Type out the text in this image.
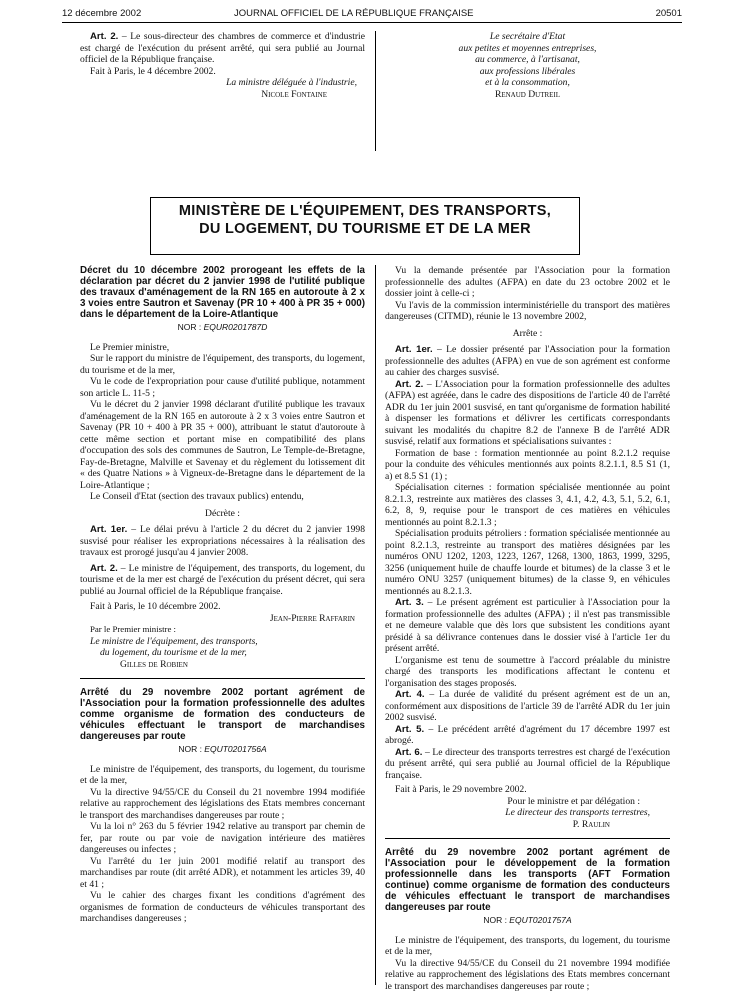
12 décembre 2002	JOURNAL OFFICIEL DE LA RÉPUBLIQUE FRANÇAISE	20501

Art. 2. – Le sous-directeur des chambres de commerce et d'industrie est chargé de l'exécution du présent arrêté, qui sera publié au Journal officiel de la République française.

Fait à Paris, le 4 décembre 2002.

La ministre déléguée à l'industrie,

Nicole Fontaine

Le secrétaire d'Etat

aux petites et moyennes entreprises,

au commerce, à l'artisanat,

aux professions libérales

et à la consommation,

Renaud Dutreil

MINISTÈRE DE L'ÉQUIPEMENT, DES TRANSPORTS,
DU LOGEMENT, DU TOURISME ET DE LA MER

Décret du 10 décembre 2002 prorogeant les effets de la déclaration par décret du 2 janvier 1998 de l'utilité publique des travaux d'aménagement de la RN 165 en autoroute à 2 x 3 voies entre Sautron et Savenay (PR 10 + 400 à PR 35 + 000) dans le département de la Loire-Atlantique

NOR : EQUR0201787D

Le Premier ministre,

Sur le rapport du ministre de l'équipement, des transports, du logement, du tourisme et de la mer,

Vu le code de l'expropriation pour cause d'utilité publique, notamment son article L. 11-5 ;

Vu le décret du 2 janvier 1998 déclarant d'utilité publique les travaux d'aménagement de la RN 165 en autoroute à 2 x 3 voies entre Sautron et Savenay (PR 10 + 400 à PR 35 + 000), attribuant le statut d'autoroute à cette même section et portant mise en compatibilité des plans d'occupation des sols des communes de Sautron, Le Temple-de-Bretagne, Fay-de-Bretagne, Malville et Savenay et du règlement du lotissement dit « des Quatre Nations » à Vigneux-de-Bretagne dans le département de la Loire-Atlantique ;

Le Conseil d'Etat (section des travaux publics) entendu,

Décrète :

Art. 1er. – Le délai prévu à l'article 2 du décret du 2 janvier 1998 susvisé pour réaliser les expropriations nécessaires à la réalisation des travaux est prorogé jusqu'au 4 janvier 2008.

Art. 2. – Le ministre de l'équipement, des transports, du logement, du tourisme et de la mer est chargé de l'exécution du présent décret, qui sera publié au Journal officiel de la République française.

Fait à Paris, le 10 décembre 2002.

Jean-Pierre Raffarin

Par le Premier ministre :

Le ministre de l'équipement, des transports,

du logement, du tourisme et de la mer,

Gilles de Robien

Arrêté du 29 novembre 2002 portant agrément de l'Association pour la formation professionnelle des adultes comme organisme de formation des conducteurs de véhicules effectuant le transport de marchandises dangereuses par route

NOR : EQUT0201756A

Le ministre de l'équipement, des transports, du logement, du tourisme et de la mer,

Vu la directive 94/55/CE du Conseil du 21 novembre 1994 modifiée relative au rapprochement des législations des Etats membres concernant le transport des marchandises dangereuses par route ;

Vu la loi n° 263 du 5 février 1942 relative au transport par chemin de fer, par route ou par voie de navigation intérieure des matières dangereuses ou infectes ;

Vu l'arrêté du 1er juin 2001 modifié relatif au transport des marchandises par route (dit arrêté ADR), et notamment les articles 39, 40 et 41 ;

Vu le cahier des charges fixant les conditions d'agrément des organismes de formation de conducteurs de véhicules transportant des marchandises dangereuses ;

Vu la demande présentée par l'Association pour la formation professionnelle des adultes (AFPA) en date du 23 octobre 2002 et le dossier joint à celle-ci ;

Vu l'avis de la commission interministérielle du transport des matières dangereuses (CITMD), réunie le 13 novembre 2002,

Arrête :

Art. 1er. – Le dossier présenté par l'Association pour la formation professionnelle des adultes (AFPA) en vue de son agrément est conforme au cahier des charges susvisé.

Art. 2. – L'Association pour la formation professionnelle des adultes (AFPA) est agréée, dans le cadre des dispositions de l'article 40 de l'arrêté ADR du 1er juin 2001 susvisé, en tant qu'organisme de formation habilité à dispenser les formations et délivrer les certificats correspondants suivant les modalités du chapitre 8.2 de l'annexe B de l'arrêté ADR susvisé, relatif aux formations et spécialisations suivantes :

Formation de base : formation mentionnée au point 8.2.1.2 requise pour la conduite des véhicules mentionnés aux points 8.2.1.1, 8.5 S1 (1, a) et 8.5 S1 (1) ;

Spécialisation citernes : formation spécialisée mentionnée au point 8.2.1.3, restreinte aux matières des classes 3, 4.1, 4.2, 4.3, 5.1, 5.2, 6.1, 6.2, 8, 9, requise pour le transport de ces matières en véhicules mentionnés au point 8.2.1.3 ;

Spécialisation produits pétroliers : formation spécialisée mentionnée au point 8.2.1.3, restreinte au transport des matières désignées par les numéros ONU 1202, 1203, 1223, 1267, 1268, 1300, 1863, 1999, 3295, 3256 (uniquement huile de chauffe lourde et bitumes) de la classe 3 et le numéro ONU 3257 (uniquement bitumes) de la classe 9, en véhicules mentionnés au 8.2.1.3.

Art. 3. – Le présent agrément est particulier à l'Association pour la formation professionnelle des adultes (AFPA) ; il n'est pas transmissible et ne demeure valable que dès lors que subsistent les conditions ayant présidé à sa délivrance contenues dans le dossier visé à l'article 1er du présent arrêté.

L'organisme est tenu de soumettre à l'accord préalable du ministre chargé des transports les modifications affectant le contenu et l'organisation des stages proposés.

Art. 4. – La durée de validité du présent agrément est de un an, conformément aux dispositions de l'article 39 de l'arrêté ADR du 1er juin 2002 susvisé.

Art. 5. – Le précédent arrêté d'agrément du 17 décembre 1997 est abrogé.

Art. 6. – Le directeur des transports terrestres est chargé de l'exécution du présent arrêté, qui sera publié au Journal officiel de la République française.

Fait à Paris, le 29 novembre 2002.

Pour le ministre et par délégation :

Le directeur des transports terrestres,

P. Raulin

Arrêté du 29 novembre 2002 portant agrément de l'Association pour le développement de la formation professionnelle dans les transports (AFT Formation continue) comme organisme de formation des conducteurs de véhicules effectuant le transport de marchandises dangereuses par route

NOR : EQUT0201757A

Le ministre de l'équipement, des transports, du logement, du tourisme et de la mer,

Vu la directive 94/55/CE du Conseil du 21 novembre 1994 modifiée relative au rapprochement des législations des Etats membres concernant le transport des marchandises dangereuses par route ;
